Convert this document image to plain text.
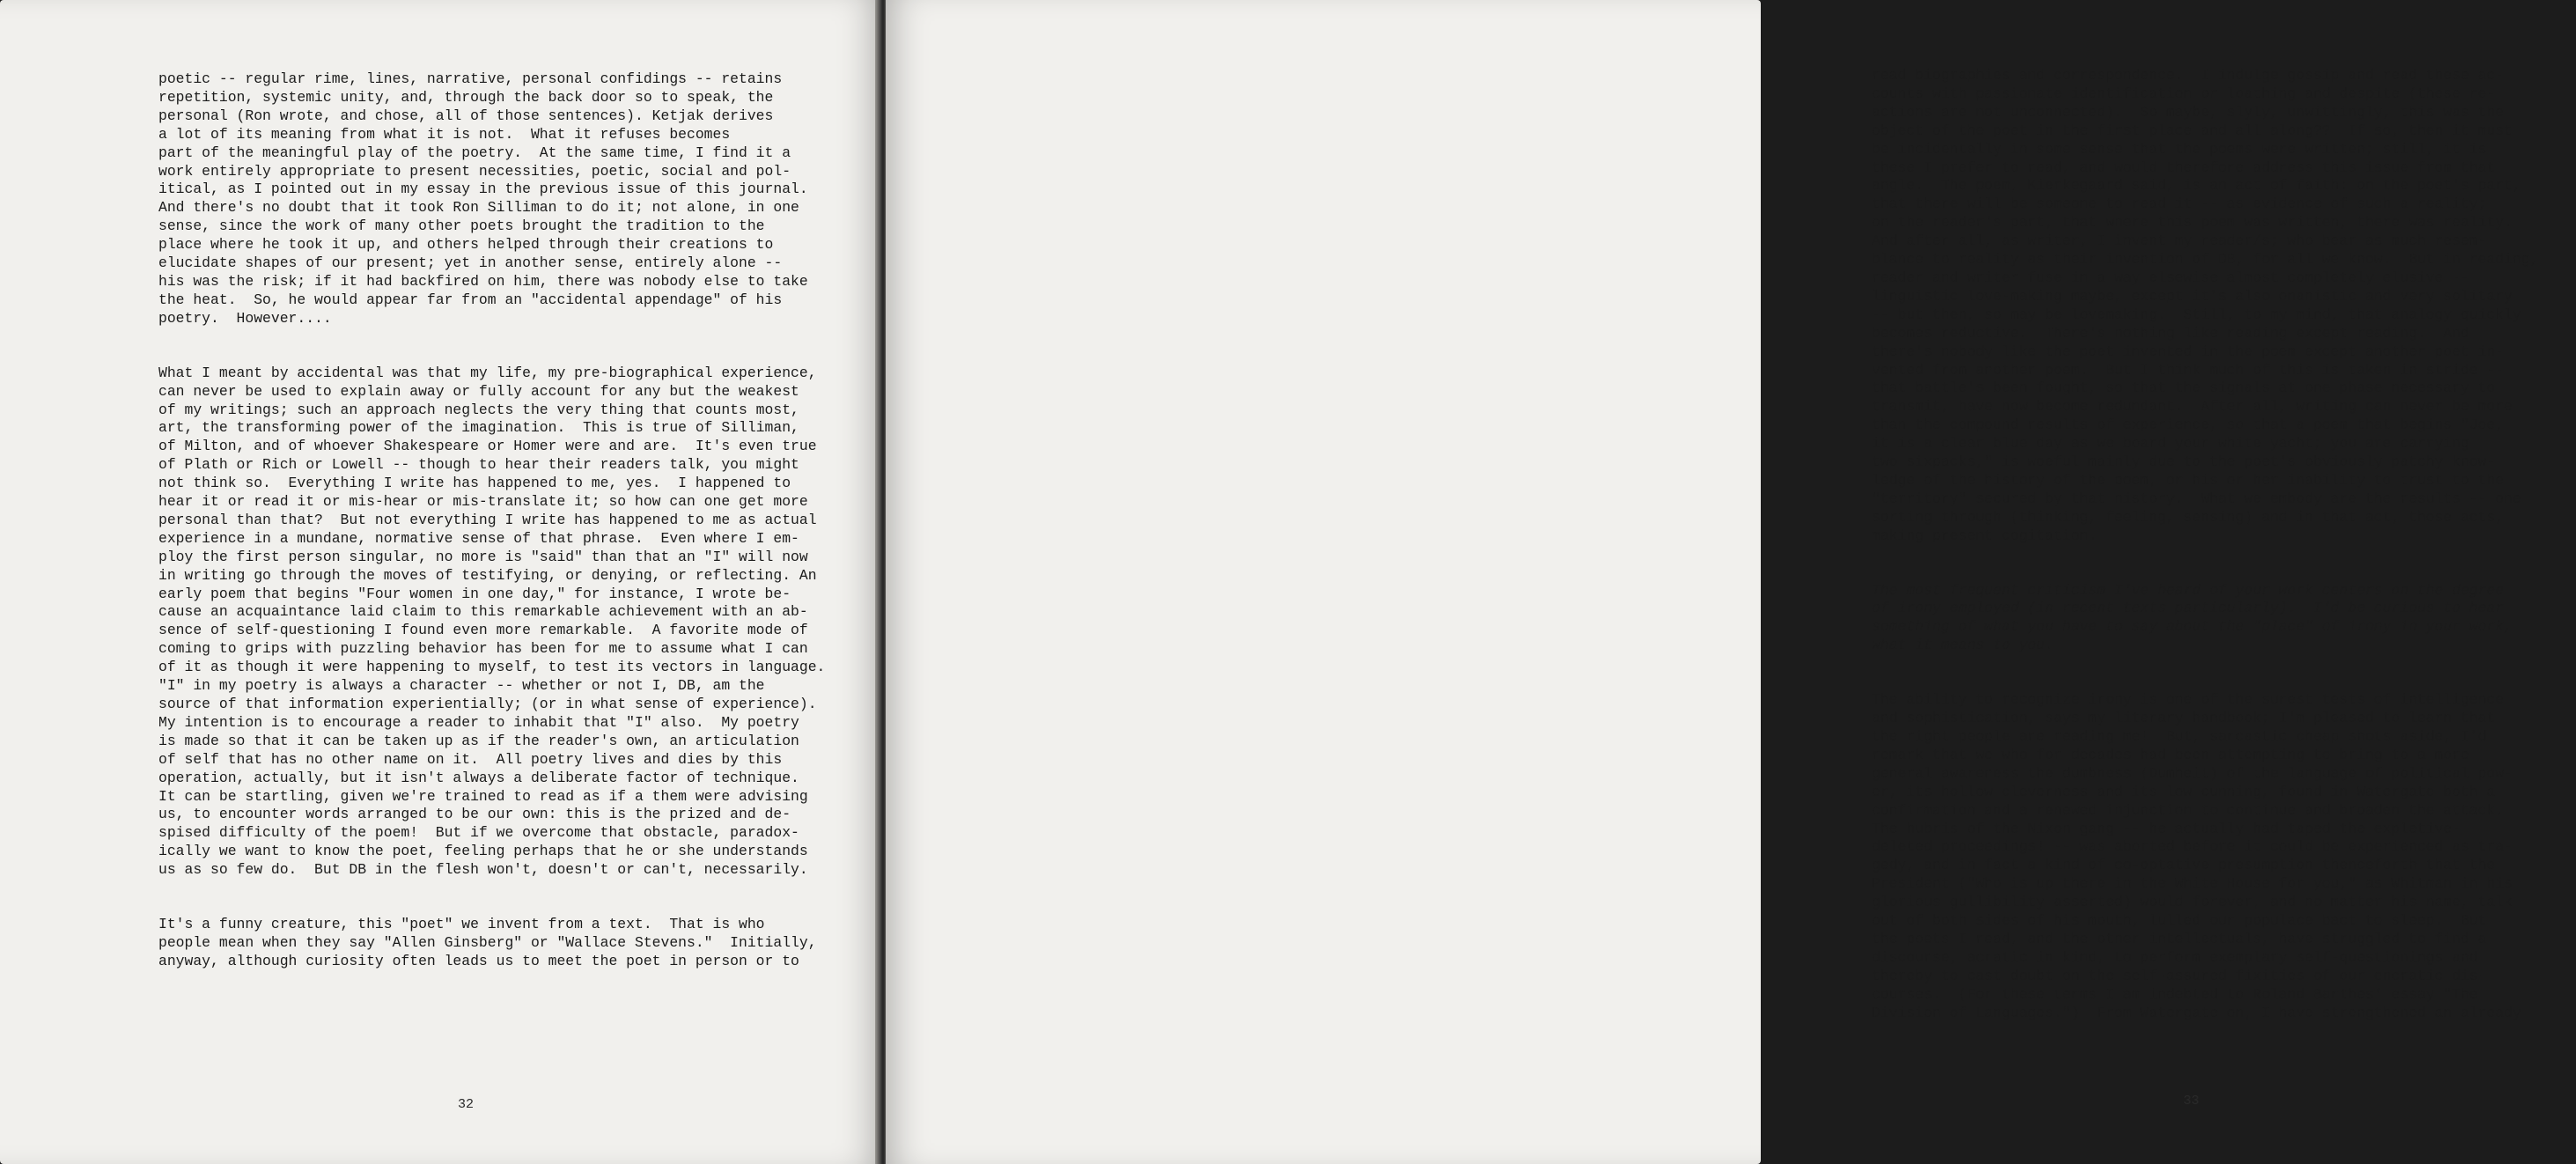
poetic -- regular rime, lines, narrative, personal confidings -- retains
repetition, systemic unity, and, through the back door so to speak, the
personal (Ron wrote, and chose, all of those sentences). Ketjak derives
a lot of its meaning from what it is not.  What it refuses becomes
part of the meaningful play of the poetry.  At the same time, I find it a
work entirely appropriate to present necessities, poetic, social and pol-
itical, as I pointed out in my essay in the previous issue of this journal.
And there's no doubt that it took Ron Silliman to do it; not alone, in one
sense, since the work of many other poets brought the tradition to the
place where he took it up, and others helped through their creations to
elucidate shapes of our present; yet in another sense, entirely alone --
his was the risk; if it had backfired on him, there was nobody else to take
the heat.  So, he would appear far from an "accidental appendage" of his
poetry.  However....

What I meant by accidental was that my life, my pre-biographical experience,
can never be used to explain away or fully account for any but the weakest
of my writings; such an approach neglects the very thing that counts most,
art, the transforming power of the imagination.  This is true of Silliman,
of Milton, and of whoever Shakespeare or Homer were and are.  It's even true
of Plath or Rich or Lowell -- though to hear their readers talk, you might
not think so.  Everything I write has happened to me, yes.  I happened to
hear it or read it or mis-hear or mis-translate it; so how can one get more
personal than that?  But not everything I write has happened to me as actual
experience in a mundane, normative sense of that phrase.  Even where I em-
ploy the first person singular, no more is "said" than that an "I" will now
in writing go through the moves of testifying, or denying, or reflecting. An
early poem that begins "Four women in one day," for instance, I wrote be-
cause an acquaintance laid claim to this remarkable achievement with an ab-
sence of self-questioning I found even more remarkable.  A favorite mode of
coming to grips with puzzling behavior has been for me to assume what I can
of it as though it were happening to myself, to test its vectors in language.
"I" in my poetry is always a character -- whether or not I, DB, am the
source of that information experientially; (or in what sense of experience).
My intention is to encourage a reader to inhabit that "I" also.  My poetry
is made so that it can be taken up as if the reader's own, an articulation
of self that has no other name on it.  All poetry lives and dies by this
operation, actually, but it isn't always a deliberate factor of technique.
It can be startling, given we're trained to read as if a them were advising
us, to encounter words arranged to be our own: this is the prized and de-
spised difficulty of the poem!  But if we overcome that obstacle, paradox-
ically we want to know the poet, feeling perhaps that he or she understands
us as so few do.  But DB in the flesh won't, doesn't or can't, necessarily.

It's a funny creature, this "poet" we invent from a text.  That is who
people mean when they say "Allen Ginsberg" or "Wallace Stevens."  Initially,
anyway, although curiosity often leads us to meet the poet in person or to

32

read biographies and correspondence.  I indulge gossip and read these ac-
counts with passionate identification or loathing and despite (these re-
actions are not unconnected).  So maybe, slyly, unwittingly, this was the
object of the poet in the first place and all along??  If so, then it must
be incidentally in some sense that the poems were written; still, it is
these I prefer to read, and would therefore address this issue from that
angle.  The poem, Kierkegaard said, is an act of faith: on the poet's part,
that there will be someone to read it -- as evidence of such a reality;
on the reader's part, that where this poem was written, there was reality.
And after all, as writer, I invent my reader/s; who bear as much resem-
blance to reality as their invention of DB, for all we know.  But in reading,
reader and writer fuse in a way elsewise almost completely elusive --
linguistic love-making maybe, except it's also onanistic and very solitary
-- but then, so may be lovemaking.  Still, to my mind, that analogy quickly
becomes reductive.  There's nothing like reading except reading.  And
there's nobody like the poet invented in the poem except another poet in-
vented from another poem.  But I think much of this is taken in stride --
that battle's been fought, so that the signals at one phase necessary to
transmit, have now become redundant.  After all, writing can never be more
than the compound results of experience, so that a poem that begins "Joe,
it is a clear blue day as we board your white yacht; you are carrying
two sixpacks," is woeful mainly due to the poet's obviously patchy know-
ledge of the history of the poem, or his or her inability to trust to the
"territory" secured by that history.  What we embody are the results -- one
sorting through (thinking, feeling, sensing) and in that act, those acts,
making present cogitation.

The most frequent criticism I've heard of your work centers on the degree
of irony employed (in recent texts particularly).  I'd be curious to hear
something of what you have to say about the "place" of irony in your work,
what it means to you.

The ability to recognize irony is one of the surest tests of intelligence
and sophistication, says my literary handbook; I'm pleased to learn that
the right people are reading me!  But, sarcastic cheap shots aside, I'd
remark that we who for decades had been attempting to bring to a more
general awareness the dumbness (Dumheit) of the language of political pow-
er, its hollow cleverness and its low cunning, found in Watergate both a
confirmation and a renewed injunction to continue and broaden the attack.
The hubris of the Nixon gang -- he actually had taped the expletive-
deleted proceedings! -- was aborted before it could be experienced as tra-
gedy, and in fact a kind of co-optative presumption thenceforth that the
President ("Who is up there in the White House for you," as Whitman in his
glorious gullibility asserted) would forever, and no matter his name, talk
out of both sides of his mouth, lulled our populace bact to sleep.  But
the poets I read, and the other intellectuals, have struggled to find a
discourse, acratic in kind, to perform exemplary self-questionings and
thereby to cast doubt on the self-assured fixities of our encratic dis-
courses.  (For these terms I am indebted to Roland Barthes' essay "The
Division of Languages.")  From Watergate on, I have strengthened an already

33
